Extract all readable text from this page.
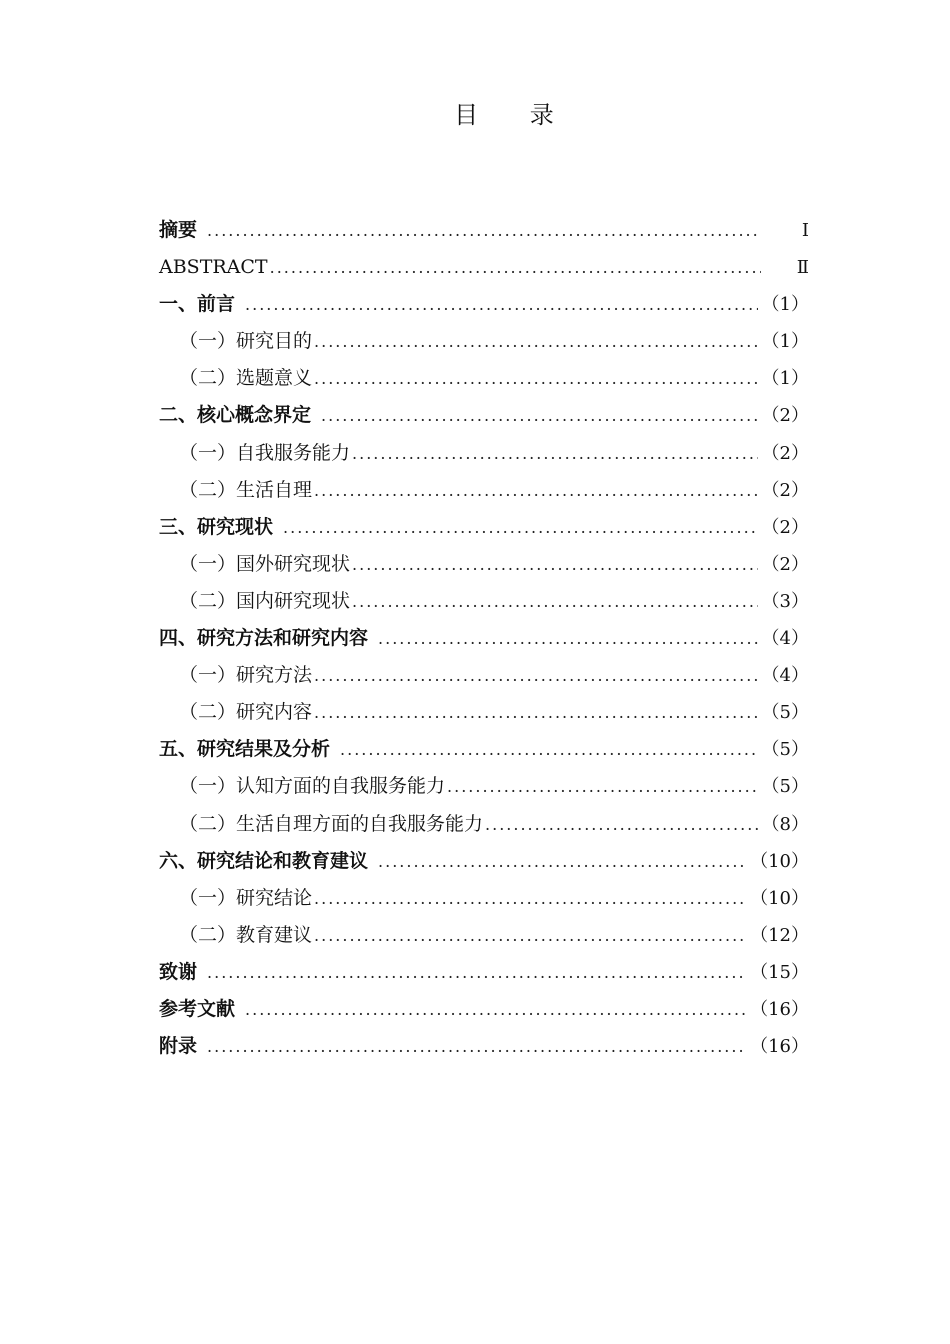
目 录
摘要 .....	Ⅰ
ABSTRACT .....	Ⅱ
一、前言 .....	（1）
（一）研究目的 .....	（1）
（二）选题意义 .....	（1）
二、核心概念界定 .....	（2）
（一）自我服务能力 .....	（2）
（二）生活自理 .....	（2）
三、研究现状 .....	（2）
（一）国外研究现状 .....	（2）
（二）国内研究现状 .....	（3）
四、研究方法和研究内容 .....	（4）
（一）研究方法 .....	（4）
（二）研究内容 .....	（5）
五、研究结果及分析 .....	（5）
（一）认知方面的自我服务能力 .....	（5）
（二）生活自理方面的自我服务能力 .....	（8）
六、研究结论和教育建议 .....	（10）
（一）研究结论 .....	（10）
（二）教育建议 .....	（12）
致谢 .....	（15）
参考文献 .....	（16）
附录 .....	（16）
